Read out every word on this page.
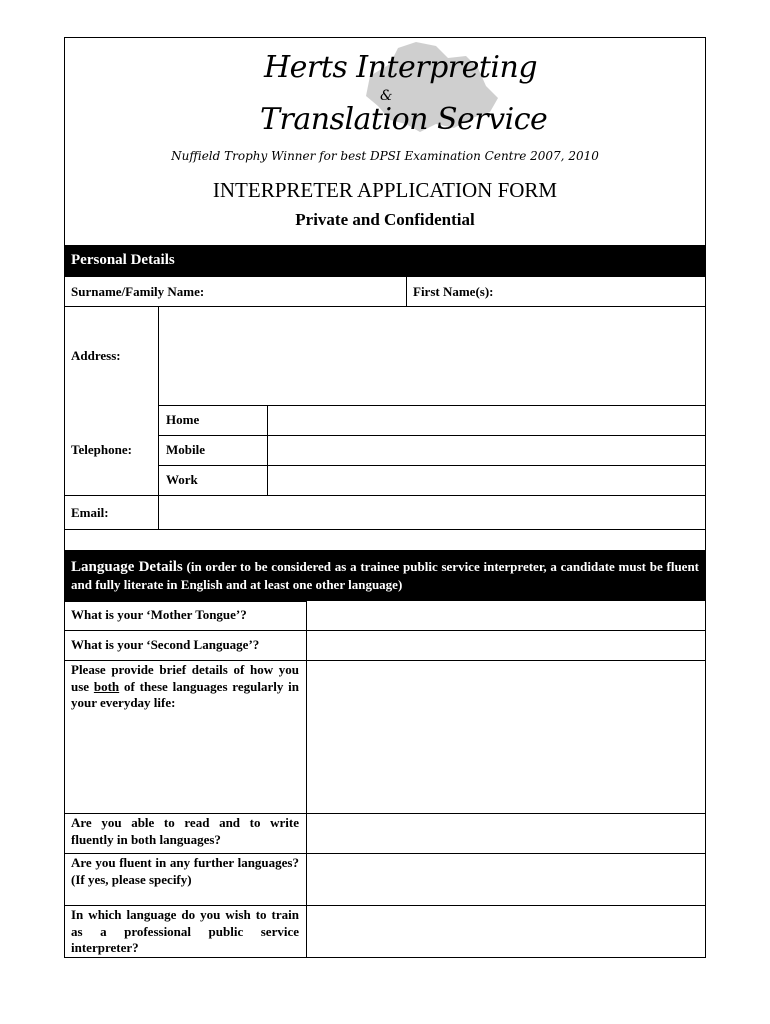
Herts Interpreting
&
Translation Service
Nuffield Trophy Winner for best DPSI Examination Centre 2007, 2010
INTERPRETER APPLICATION FORM
Private and Confidential
Personal Details
Surname/Family Name:	First Name(s):
Address:
Telephone:
Home
Mobile
Work
Email:
Language Details (in order to be considered as a trainee public service interpreter, a candidate must be fluent and fully literate in English and at least one other language)
What is your ‘Mother Tongue’?
What is your ‘Second Language’?
Please provide brief details of how you use both of these languages regularly in your everyday life:
Are you able to read and to write fluently in both languages?
Are you fluent in any further languages? (If yes, please specify)
In which language do you wish to train as a professional public service interpreter?
